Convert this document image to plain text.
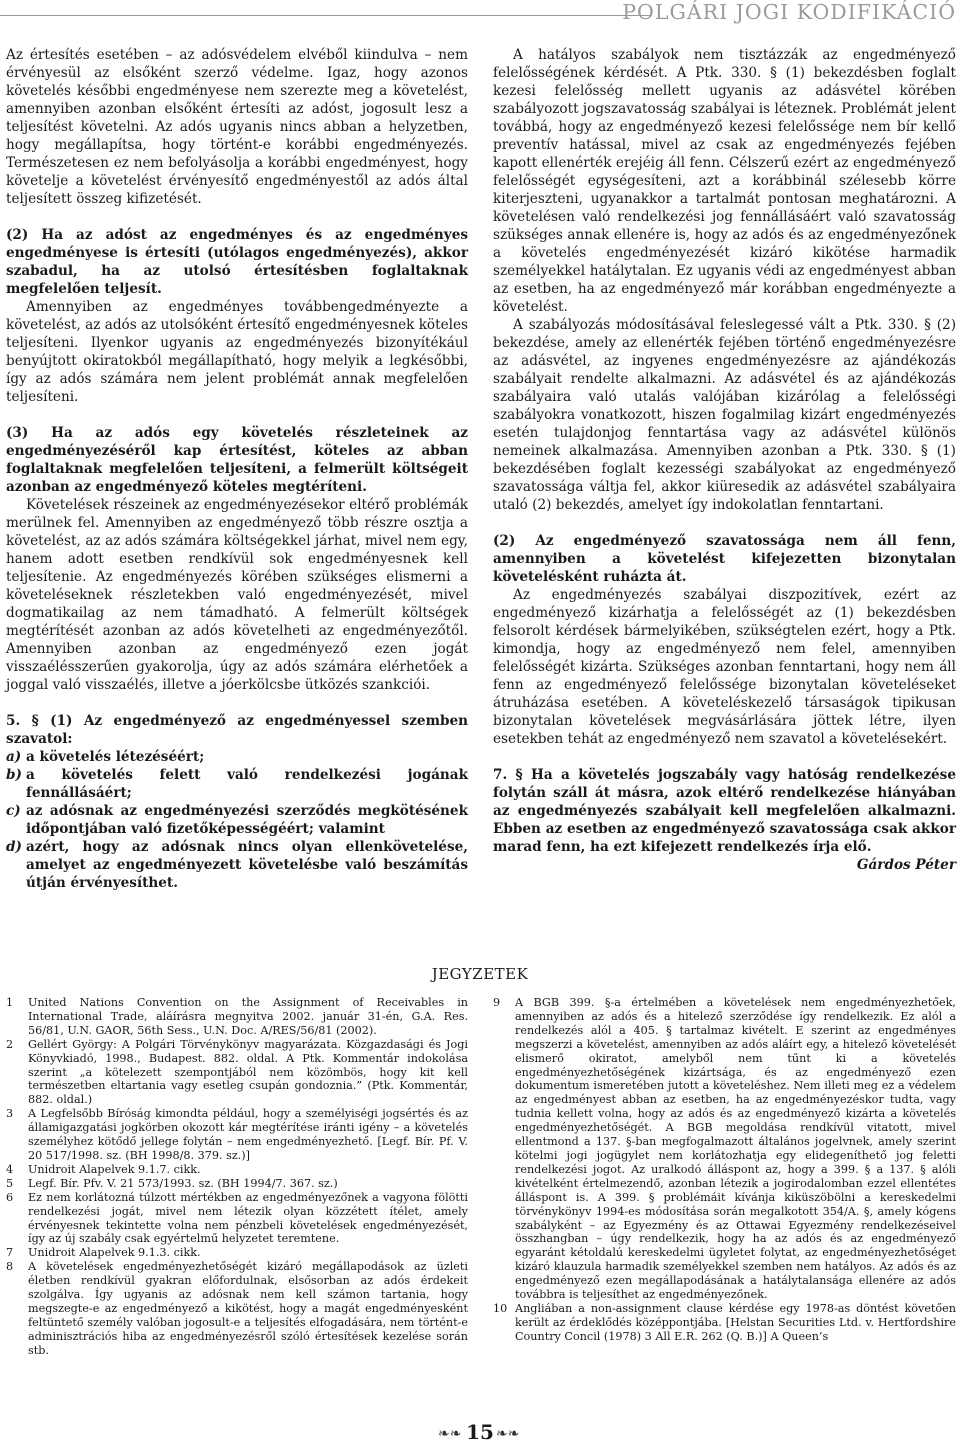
POLGÁRI JOGI KODIFIKÁCIÓ

Az értesítés esetében – az adósvédelem elvéből kiindulva – nem érvényesül az elsőként szerző védelme. Igaz, hogy azonos követelés későbbi engedményese nem szerezte meg a követelést, amennyiben azonban elsőként értesíti az adóst, jogosult lesz a teljesítést követelni. Az adós ugyanis nincs abban a helyzetben, hogy megállapítsa, hogy történt-e korábbi engedményezés. Természetesen ez nem befolyásolja a korábbi engedményest, hogy követelje a követelést érvényesítő engedményestől az adós által teljesített összeg kifizetését.

(2) Ha az adóst az engedményes és az engedményes engedményese is értesíti (utólagos engedményezés), akkor szabadul, ha az utolsó értesítésben foglaltaknak megfelelően teljesít.

Amennyiben az engedményes továbbengedményezte a követelést, az adós az utolsóként értesítő engedményesnek köteles teljesíteni. Ilyenkor ugyanis az engedményezés bizonyítékául benyújtott okiratokból megállapítható, hogy melyik a legkésőbbi, így az adós számára nem jelent problémát annak megfelelően teljesíteni.

(3) Ha az adós egy követelés részleteinek az engedményezéséről kap értesítést, köteles az abban foglaltaknak megfelelően teljesíteni, a felmerült költségeit azonban az engedményező köteles megtéríteni.

Követelések részeinek az engedményezésekor eltérő problémák merülnek fel. Amennyiben az engedményező több részre osztja a követelést, az az adós számára költségekkel járhat, mivel nem egy, hanem adott esetben rendkívül sok engedményesnek kell teljesítenie. Az engedményezés körében szükséges elismerni a követeléseknek részletekben való engedményezését, mivel dogmatikailag az nem támadható. A felmerült költségek megtérítését azonban az adós követelheti az engedményezőtől. Amennyiben azonban az engedményező ezen jogát visszaélésszerűen gyakorolja, úgy az adós számára elérhetőek a joggal való visszaélés, illetve a jóerkölcsbe ütközés szankciói.

5. § (1) Az engedményező az engedményessel szemben szavatol:

a) a követelés létezéséért;
b) a követelés felett való rendelkezési jogának fennállásáért;
c) az adósnak az engedményezési szerződés megkötésének időpontjában való fizetőképességéért; valamint
d) azért, hogy az adósnak nincs olyan ellenkövetelése, amelyet az engedményezett követelésbe való beszámítás útján érvényesíthet.

A hatályos szabályok nem tisztázzák az engedményező felelősségének kérdését. A Ptk. 330. § (1) bekezdésben foglalt kezesi felelősség mellett ugyanis az adásvétel körében szabályozott jogszavatosság szabályai is léteznek. Problémát jelent továbbá, hogy az engedményező kezesi felelőssége nem bír kellő preventív hatással, mivel az csak az engedményezés fejében kapott ellenérték erejéig áll fenn. Célszerű ezért az engedményező felelősségét egységesíteni, azt a korábbinál szélesebb körre kiterjeszteni, ugyanakkor a tartalmát pontosan meghatározni. A követelésen való rendelkezési jog fennállásáért való szavatosság szükséges annak ellenére is, hogy az adós és az engedményezőnek a követelés engedményezését kizáró kikötése harmadik személyekkel hatálytalan. Ez ugyanis védi az engedményest abban az esetben, ha az engedményező már korábban engedményezte a követelést.

A szabályozás módosításával feleslegessé vált a Ptk. 330. § (2) bekezdése, amely az ellenérték fejében történő engedményezésre az adásvétel, az ingyenes engedményezésre az ajándékozás szabályait rendelte alkalmazni. Az adásvétel és az ajándékozás szabályaira való utalás valójában kizárólag a felelősségi szabályokra vonatkozott, hiszen fogalmilag kizárt engedményezés esetén tulajdonjog fenntartása vagy az adásvétel különös nemeinek alkalmazása. Amennyiben azonban a Ptk. 330. § (1) bekezdésében foglalt kezességi szabályokat az engedményező szavatossága váltja fel, akkor kiüresedik az adásvétel szabályaira utaló (2) bekezdés, amelyet így indokolatlan fenntartani.

(2) Az engedményező szavatossága nem áll fenn, amennyiben a követelést kifejezetten bizonytalan követelésként ruházta át.

Az engedményezés szabályai diszpozitívek, ezért az engedményező kizárhatja a felelősségét az (1) bekezdésben felsorolt kérdések bármelyikében, szükségtelen ezért, hogy a Ptk. kimondja, hogy az engedményező nem felel, amennyiben felelősségét kizárta. Szükséges azonban fenntartani, hogy nem áll fenn az engedményező felelőssége bizonytalan követeléseket átruházása esetében. A követeléskezelő társaságok tipikusan bizonytalan követelések megvásárlására jöttek létre, ilyen esetekben tehát az engedményező nem szavatol a követelésekért.

7. § Ha a követelés jogszabály vagy hatóság rendelkezése folytán száll át másra, azok eltérő rendelkezése hiányában az engedményezés szabályait kell megfelelően alkalmazni. Ebben az esetben az engedményező szavatossága csak akkor marad fenn, ha ezt kifejezett rendelkezés írja elő.

Gárdos Péter

JEGYZETEK
1	United Nations Convention on the Assignment of Receivables in International Trade, aláírásra megnyitva 2002. január 31-én, G.A. Res. 56/81, U.N. GAOR, 56th Sess., U.N. Doc. A/RES/56/81 (2002).
2	Gellért György: A Polgári Törvénykönyv magyarázata. Közgazdasági és Jogi Könyvkiadó, 1998., Budapest. 882. oldal. A Ptk. Kommentár indokolása szerint „a kötelezett szempontjából nem közömbös, hogy kit kell természetben eltartania vagy esetleg csupán gondoznia.” (Ptk. Kommentár, 882. oldal.)
3	A Legfelsőbb Bíróság kimondta például, hogy a személyiségi jogsértés és az államigazgatási jogkörben okozott kár megtérítése iránti igény – a követelés személyhez kötődő jellege folytán – nem engedményezhető. [Legf. Bír. Pf. V. 20 517/1998. sz. (BH 1998/8. 379. sz.)]
4	Unidroit Alapelvek 9.1.7. cikk.
5	Legf. Bír. Pfv. V. 21 573/1993. sz. (BH 1994/7. 367. sz.)
6	Ez nem korlátozná túlzott mértékben az engedményezőnek a vagyona fölötti rendelkezési jogát, mivel nem létezik olyan közzétett ítélet, amely érvényesnek tekintette volna nem pénzbeli követelések engedményezését, így az új szabály csak egyértelmű helyzetet teremtene.
7	Unidroit Alapelvek 9.1.3. cikk.
8	A követelések engedményezhetőségét kizáró megállapodások az üzleti életben rendkívül gyakran előfordulnak, elsősorban az adós érdekeit szolgálva. Így ugyanis az adósnak nem kell számon tartania, hogy megszegte-e az engedményező a kikötést, hogy a magát engedményesként feltüntető személy valóban jogosult-e a teljesítés elfogadására, nem történt-e adminisztrációs hiba az engedményezésről szóló értesítések kezelése során stb.
9	A BGB 399. §-a értelmében a követelések nem engedményezhetőek, amennyiben az adós és a hitelező szerződése így rendelkezik. Ez alól a rendelkezés alól a 405. § tartalmaz kivételt. E szerint az engedményes megszerzi a követelést, amennyiben az adós aláírt egy, a hitelező követelését elismerő okiratot, amelyből nem tűnt ki a követelés engedményezhetőségének kizártsága, és az engedményező ezen dokumentum ismeretében jutott a követeléshez. Nem illeti meg ez a védelem az engedményest abban az esetben, ha az engedményezéskor tudta, vagy tudnia kellett volna, hogy az adós és az engedményező kizárta a követelés engedményezhetőségét. A BGB megoldása rendkívül vitatott, mivel ellentmond a 137. §-ban megfogalmazott általános jogelvnek, amely szerint kötelmi jogi jogügylet nem korlátozhatja egy elidegeníthető jog feletti rendelkezési jogot. Az uralkodó álláspont az, hogy a 399. § a 137. § alóli kivételként értelmezendő, azonban létezik a jogirodalomban ezzel ellentétes álláspont is. A 399. § problémáit kívánja kiküszöbölni a kereskedelmi törvénykönyv 1994-es módosítása során megalkotott 354/A. §, amely kógens szabályként – az Egyezmény és az Ottawai Egyezmény rendelkezéseivel összhangban – úgy rendelkezik, hogy ha az adós és az engedményező egyaránt kétoldalú kereskedelmi ügyletet folytat, az engedményezhetőséget kizáró klauzula harmadik személyekkel szemben nem hatályos. Az adós és az engedményező ezen megállapodásának a hatálytalansága ellenére az adós továbbra is teljesíthet az engedményezőnek.
10 Angliában a non-assignment clause kérdése egy 1978-as döntést követően került az érdeklődés középpontjába. [Helstan Securities Ltd. v. Hertfordshire Country Concil (1978) 3 All E.R. 262 (Q. B.)] A Queen’s
❧❧ 15 ❧❧
